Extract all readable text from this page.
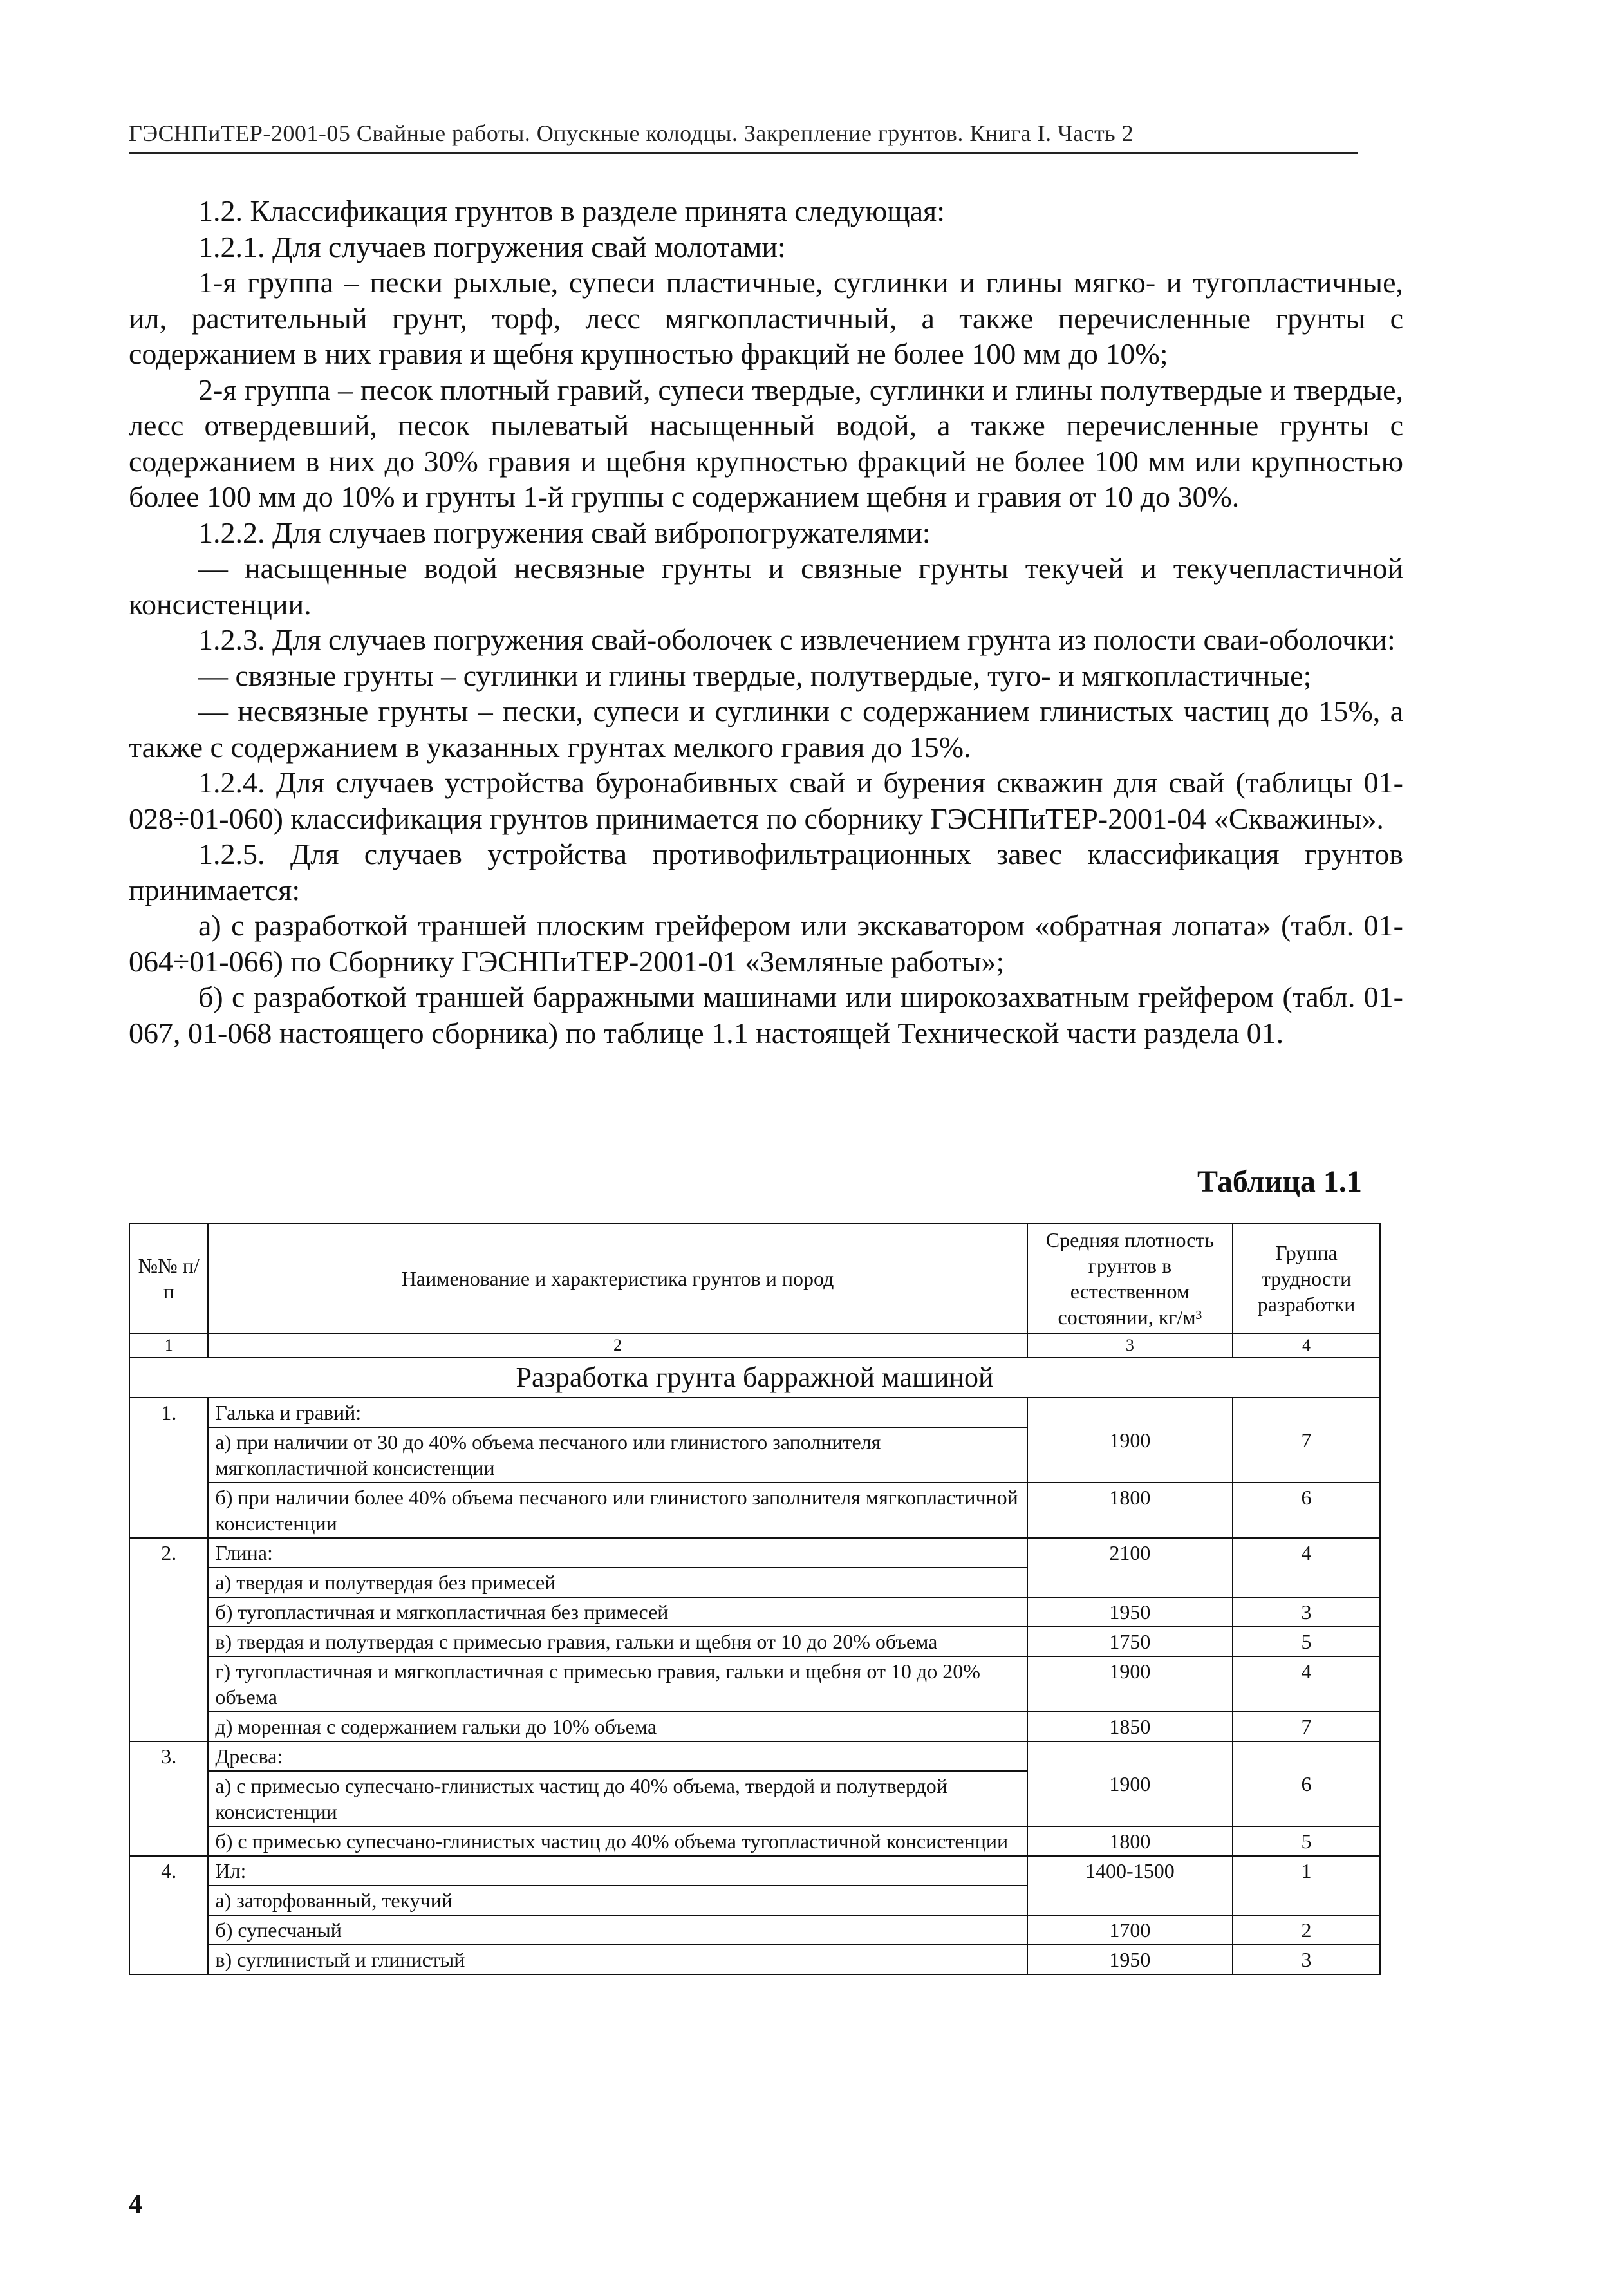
ГЭСНПиТЕР-2001-05 Свайные работы. Опускные колодцы. Закрепление грунтов. Книга I. Часть 2

1.2. Классификация грунтов в разделе принята следующая:

1.2.1. Для случаев погружения свай молотами:

1-я группа – пески рыхлые, супеси пластичные, суглинки и глины мягко- и тугопластичные, ил, растительный грунт, торф, лесс мягкопластичный, а также перечисленные грунты с содержанием в них гравия и щебня крупностью фракций не более 100 мм до 10%;

2-я группа – песок плотный гравий, супеси твердые, суглинки и глины полутвердые и твердые, лесс отвердевший, песок пылеватый насыщенный водой, а также перечисленные грунты с содержанием в них до 30% гравия и щебня крупностью фракций не более 100 мм или крупностью более 100 мм до 10% и грунты 1-й группы с содержанием щебня и гравия от 10 до 30%.

1.2.2. Для случаев погружения свай вибропогружателями:

— насыщенные водой несвязные грунты и связные грунты текучей и текучепластичной консистенции.

1.2.3. Для случаев погружения свай-оболочек с извлечением грунта из полости сваи-оболочки:

— связные грунты – суглинки и глины твердые, полутвердые, туго- и мягкопластичные;

— несвязные грунты – пески, супеси и суглинки с содержанием глинистых частиц до 15%, а также с содержанием в указанных грунтах мелкого гравия до 15%.

1.2.4. Для случаев устройства буронабивных свай и бурения скважин для свай (таблицы 01-028÷01-060) классификация грунтов принимается по сборнику ГЭСНПиТЕР-2001-04 «Скважины».

1.2.5. Для случаев устройства противофильтрационных завес классификация грунтов принимается:

а) с разработкой траншей плоским грейфером или экскаватором «обратная лопата» (табл. 01-064÷01-066) по Сборнику ГЭСНПиТЕР-2001-01 «Земляные работы»;

б) с разработкой траншей барражными машинами или широкозахватным грейфером (табл. 01-067, 01-068 настоящего сборника) по таблице 1.1 настоящей Технической части раздела 01.

Таблица 1.1
№№ п/п	Наименование и характеристика грунтов и пород	Средняя плотность грунтов в естественном состоянии, кг/м³	Группа трудности разработки
1	2	3	4
Разработка грунта барражной машиной			
1.	Галька и гравий:	1900	7
	а) при наличии от 30 до 40% объема песчаного или глинистого заполнителя мягкопластичной консистенции		
	б) при наличии более 40% объема песчаного или глинистого заполнителя мягкопластичной консистенции	1800	6
2.	Глина:	2100	4
	а) твердая и полутвердая без примесей		
	б) тугопластичная и мягкопластичная без примесей	1950	3
	в) твердая и полутвердая с примесью гравия, гальки и щебня от 10 до 20% объема	1750	5
	г) тугопластичная и мягкопластичная с примесью гравия, гальки и щебня от 10 до 20% объема	1900	4
	д) моренная с содержанием гальки до 10% объема	1850	7
3.	Дресва:	1900	6
	а) с примесью супесчано-глинистых частиц до 40% объема, твердой и полутвердой консистенции		
	б) с примесью супесчано-глинистых частиц до 40% объема тугопластичной консистенции	1800	5
4.	Ил:	1400-1500	1
	а) заторфованный, текучий		
	б) супесчаный	1700	2
	в) суглинистый и глинистый	1950	3
4
